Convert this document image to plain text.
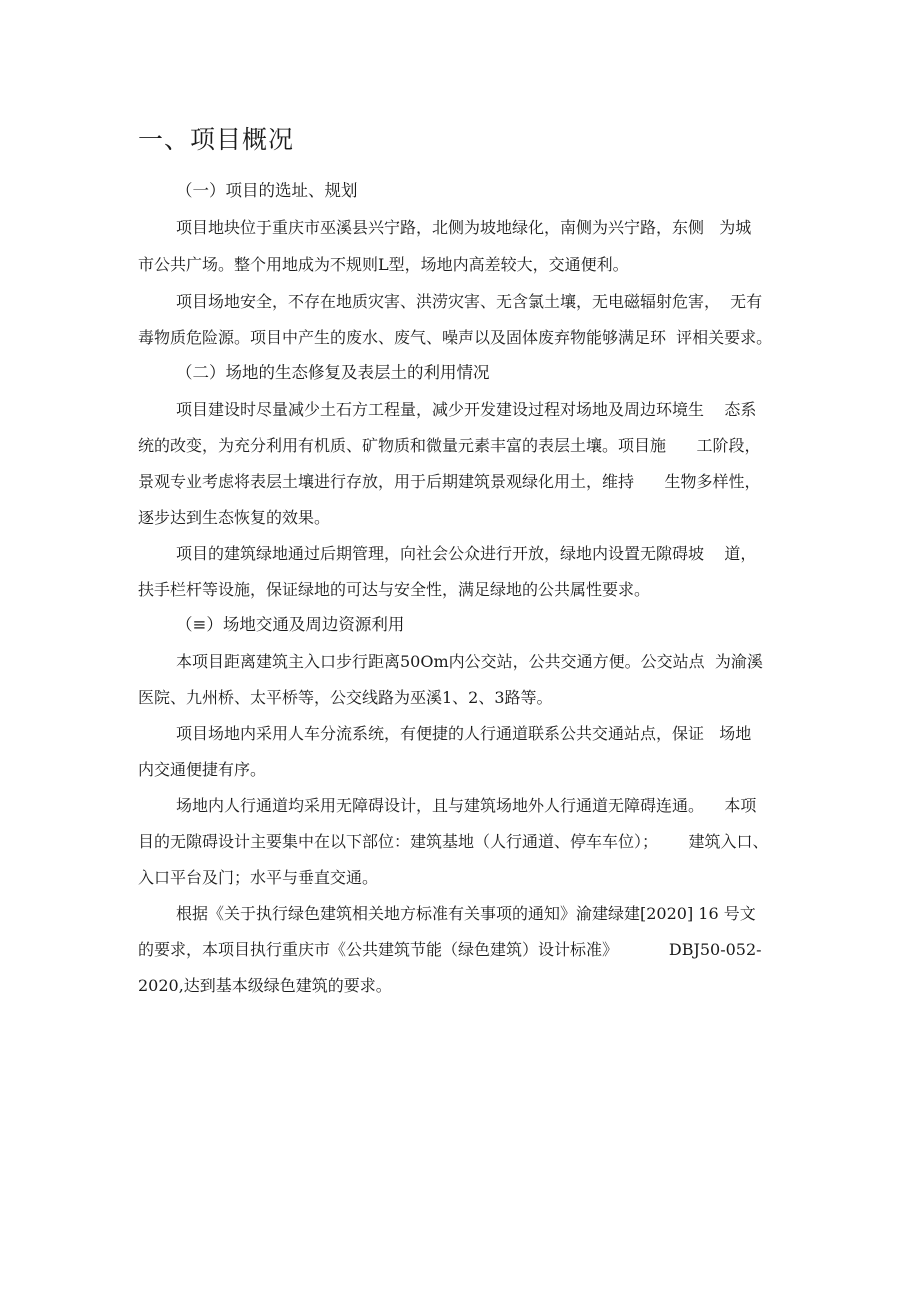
一、项目概况
（一）项目的选址、规划
项目地块位于重庆市巫溪县兴宁路，北侧为坡地绿化，南侧为兴宁路，东侧   为城
市公共广场。整个用地成为不规则L型，场地内高差较大，交通便利。
项目场地安全，不存在地质灾害、洪涝灾害、无含氯土壤，无电磁辐射危害，  无有
毒物质危险源。项目中产生的废水、废气、噪声以及固体废弃物能够满足环  评相关要求。
（二）场地的生态修复及表层土的利用情况
项目建设时尽量减少土石方工程量，减少开发建设过程对场地及周边环境生    态系
统的改变，为充分利用有机质、矿物质和微量元素丰富的表层土壤。项目施      工阶段，
景观专业考虑将表层土壤进行存放，用于后期建筑景观绿化用土，维持      生物多样性，
逐步达到生态恢复的效果。
项目的建筑绿地通过后期管理，向社会公众进行开放，绿地内设置无隙碍坡    道，
扶手栏杆等设施，保证绿地的可达与安全性，满足绿地的公共属性要求。
（≡）场地交通及周边资源利用
本项目距离建筑主入口步行距离50Om内公交站，公共交通方便。公交站点  为渝溪
医院、九州桥、太平桥等，公交线路为巫溪1、2、3路等。
项目场地内采用人车分流系统，有便捷的人行通道联系公共交通站点，保证   场地
内交通便捷有序。
场地内人行通道均采用无障碍设计，且与建筑场地外人行通道无障碍连通。    本项
目的无隙碍设计主要集中在以下部位：建筑基地（人行通道、停车车位）；      建筑入口、
入口平台及门；水平与垂直交通。
根据《关于执行绿色建筑相关地方标准有关事项的通知》渝建绿建[2020] 16 号文
的要求，本项目执行重庆市《公共建筑节能（绿色建筑）设计标准》          DBJ50-052-
2020,达到基本级绿色建筑的要求。
